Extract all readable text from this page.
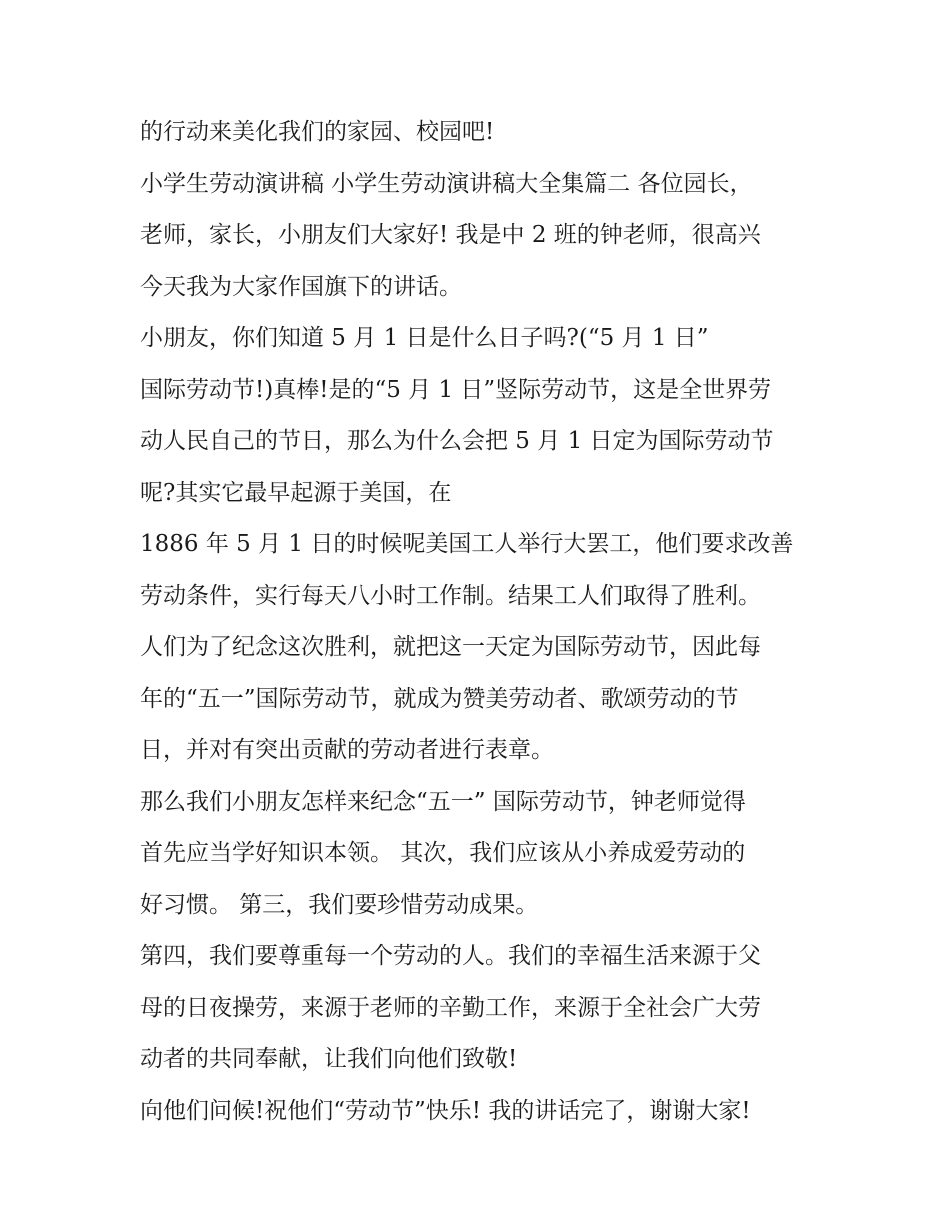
的行动来美化我们的家园、校园吧!
小学生劳动演讲稿 小学生劳动演讲稿大全集篇二 各位园长，
老师，家长，小朋友们大家好! 我是中 2 班的钟老师，很高兴
今天我为大家作国旗下的讲话。
小朋友，你们知道 5 月 1 日是什么日子吗?(“5 月 1 日”
国际劳动节!)真棒!是的“5 月 1 日”竖际劳动节，这是全世界劳
动人民自己的节日，那么为什么会把 5 月 1 日定为国际劳动节
呢?其实它最早起源于美国，在
1886 年 5 月 1 日的时候呢美国工人举行大罢工，他们要求改善
劳动条件，实行每天八小时工作制。结果工人们取得了胜利。
人们为了纪念这次胜利，就把这一天定为国际劳动节，因此每
年的“五一”国际劳动节，就成为赞美劳动者、歌颂劳动的节
日，并对有突出贡献的劳动者进行表章。
那么我们小朋友怎样来纪念“五一” 国际劳动节，钟老师觉得
首先应当学好知识本领。 其次，我们应该从小养成爱劳动的
好习惯。 第三，我们要珍惜劳动成果。
第四，我们要尊重每一个劳动的人。我们的幸福生活来源于父
母的日夜操劳，来源于老师的辛勤工作，来源于全社会广大劳
动者的共同奉献，让我们向他们致敬!
向他们问候!祝他们“劳动节”快乐! 我的讲话完了，谢谢大家!
